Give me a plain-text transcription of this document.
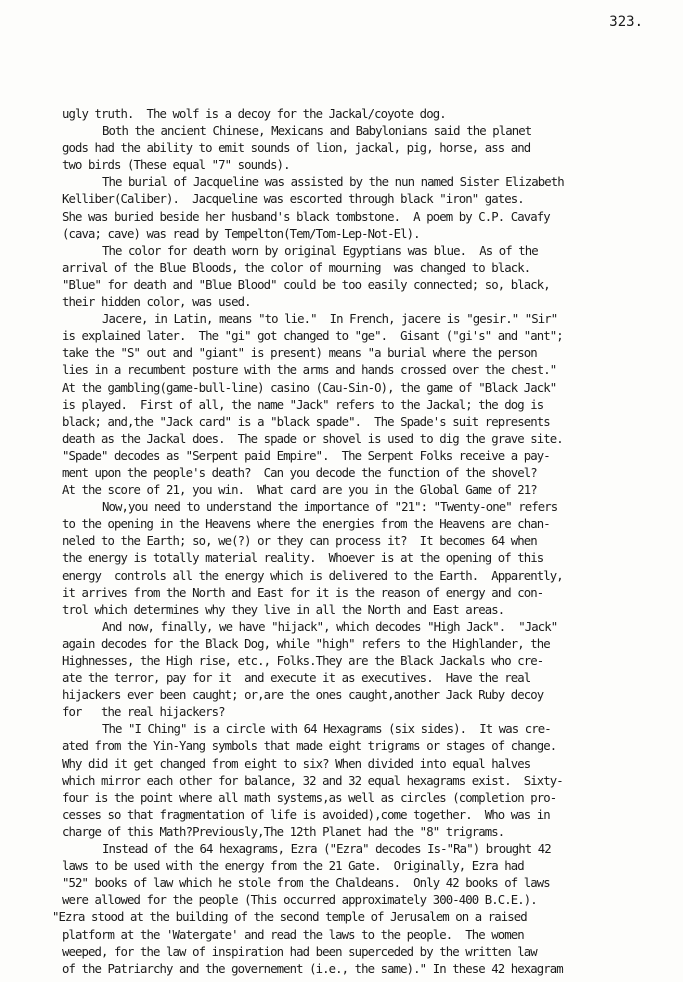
323.
ugly truth.  The wolf is a decoy for the Jackal/coyote dog.
Both the ancient Chinese, Mexicans and Babylonians said the planet
gods had the ability to emit sounds of lion, jackal, pig, horse, ass and
two birds (These equal "7" sounds).
The burial of Jacqueline was assisted by the nun named Sister Elizabeth
Kelliber(Caliber).  Jacqueline was escorted through black "iron" gates.
She was buried beside her husband's black tombstone.  A poem by C.P. Cavafy
(cava; cave) was read by Tempelton(Tem/Tom-Lep-Not-El).
The color for death worn by original Egyptians was blue.  As of the
arrival of the Blue Bloods, the color of mourning  was changed to black.
"Blue" for death and "Blue Blood" could be too easily connected; so, black,
their hidden color, was used.
Jacere, in Latin, means "to lie."  In French, jacere is "gesir." "Sir"
is explained later.  The "gi" got changed to "ge".  Gisant ("gi's" and "ant";
take the "S" out and "giant" is present) means "a burial where the person
lies in a recumbent posture with the arms and hands crossed over the chest."
At the gambling(game-bull-line) casino (Cau-Sin-O), the game of "Black Jack"
is played.  First of all, the name "Jack" refers to the Jackal; the dog is
black; and,the "Jack card" is a "black spade".  The Spade's suit represents
death as the Jackal does.  The spade or shovel is used to dig the grave site.
"Spade" decodes as "Serpent paid Empire".  The Serpent Folks receive a pay-
ment upon the people's death?  Can you decode the function of the shovel?
At the score of 21, you win.  What card are you in the Global Game of 21?
Now,you need to understand the importance of "21": "Twenty-one" refers
to the opening in the Heavens where the energies from the Heavens are chan-
neled to the Earth; so, we(?) or they can process it?  It becomes 64 when
the energy is totally material reality.  Whoever is at the opening of this
energy  controls all the energy which is delivered to the Earth.  Apparently,
it arrives from the North and East for it is the reason of energy and con-
trol which determines why they live in all the North and East areas.
And now, finally, we have "hijack", which decodes "High Jack".  "Jack"
again decodes for the Black Dog, while "high" refers to the Highlander, the
Highnesses, the High rise, etc., Folks.They are the Black Jackals who cre-
ate the terror, pay for it  and execute it as executives.  Have the real
hijackers ever been caught; or,are the ones caught,another Jack Ruby decoy
for   the real hijackers?
The "I Ching" is a circle with 64 Hexagrams (six sides).  It was cre-
ated from the Yin-Yang symbols that made eight trigrams or stages of change.
Why did it get changed from eight to six? When divided into equal halves
which mirror each other for balance, 32 and 32 equal hexagrams exist.  Sixty-
four is the point where all math systems,as well as circles (completion pro-
cesses so that fragmentation of life is avoided),come together.  Who was in
charge of this Math?Previously,The 12th Planet had the "8" trigrams.
Instead of the 64 hexagrams, Ezra ("Ezra" decodes Is-"Ra") brought 42
laws to be used with the energy from the 21 Gate.  Originally, Ezra had
"52" books of law which he stole from the Chaldeans.  Only 42 books of laws
were allowed for the people (This occurred approximately 300-400 B.C.E.).
"Ezra stood at the building of the second temple of Jerusalem on a raised
platform at the 'Watergate' and read the laws to the people.  The women
weeped, for the law of inspiration had been superceded by the written law
of the Patriarchy and the governement (i.e., the same)." In these 42 hexagram
